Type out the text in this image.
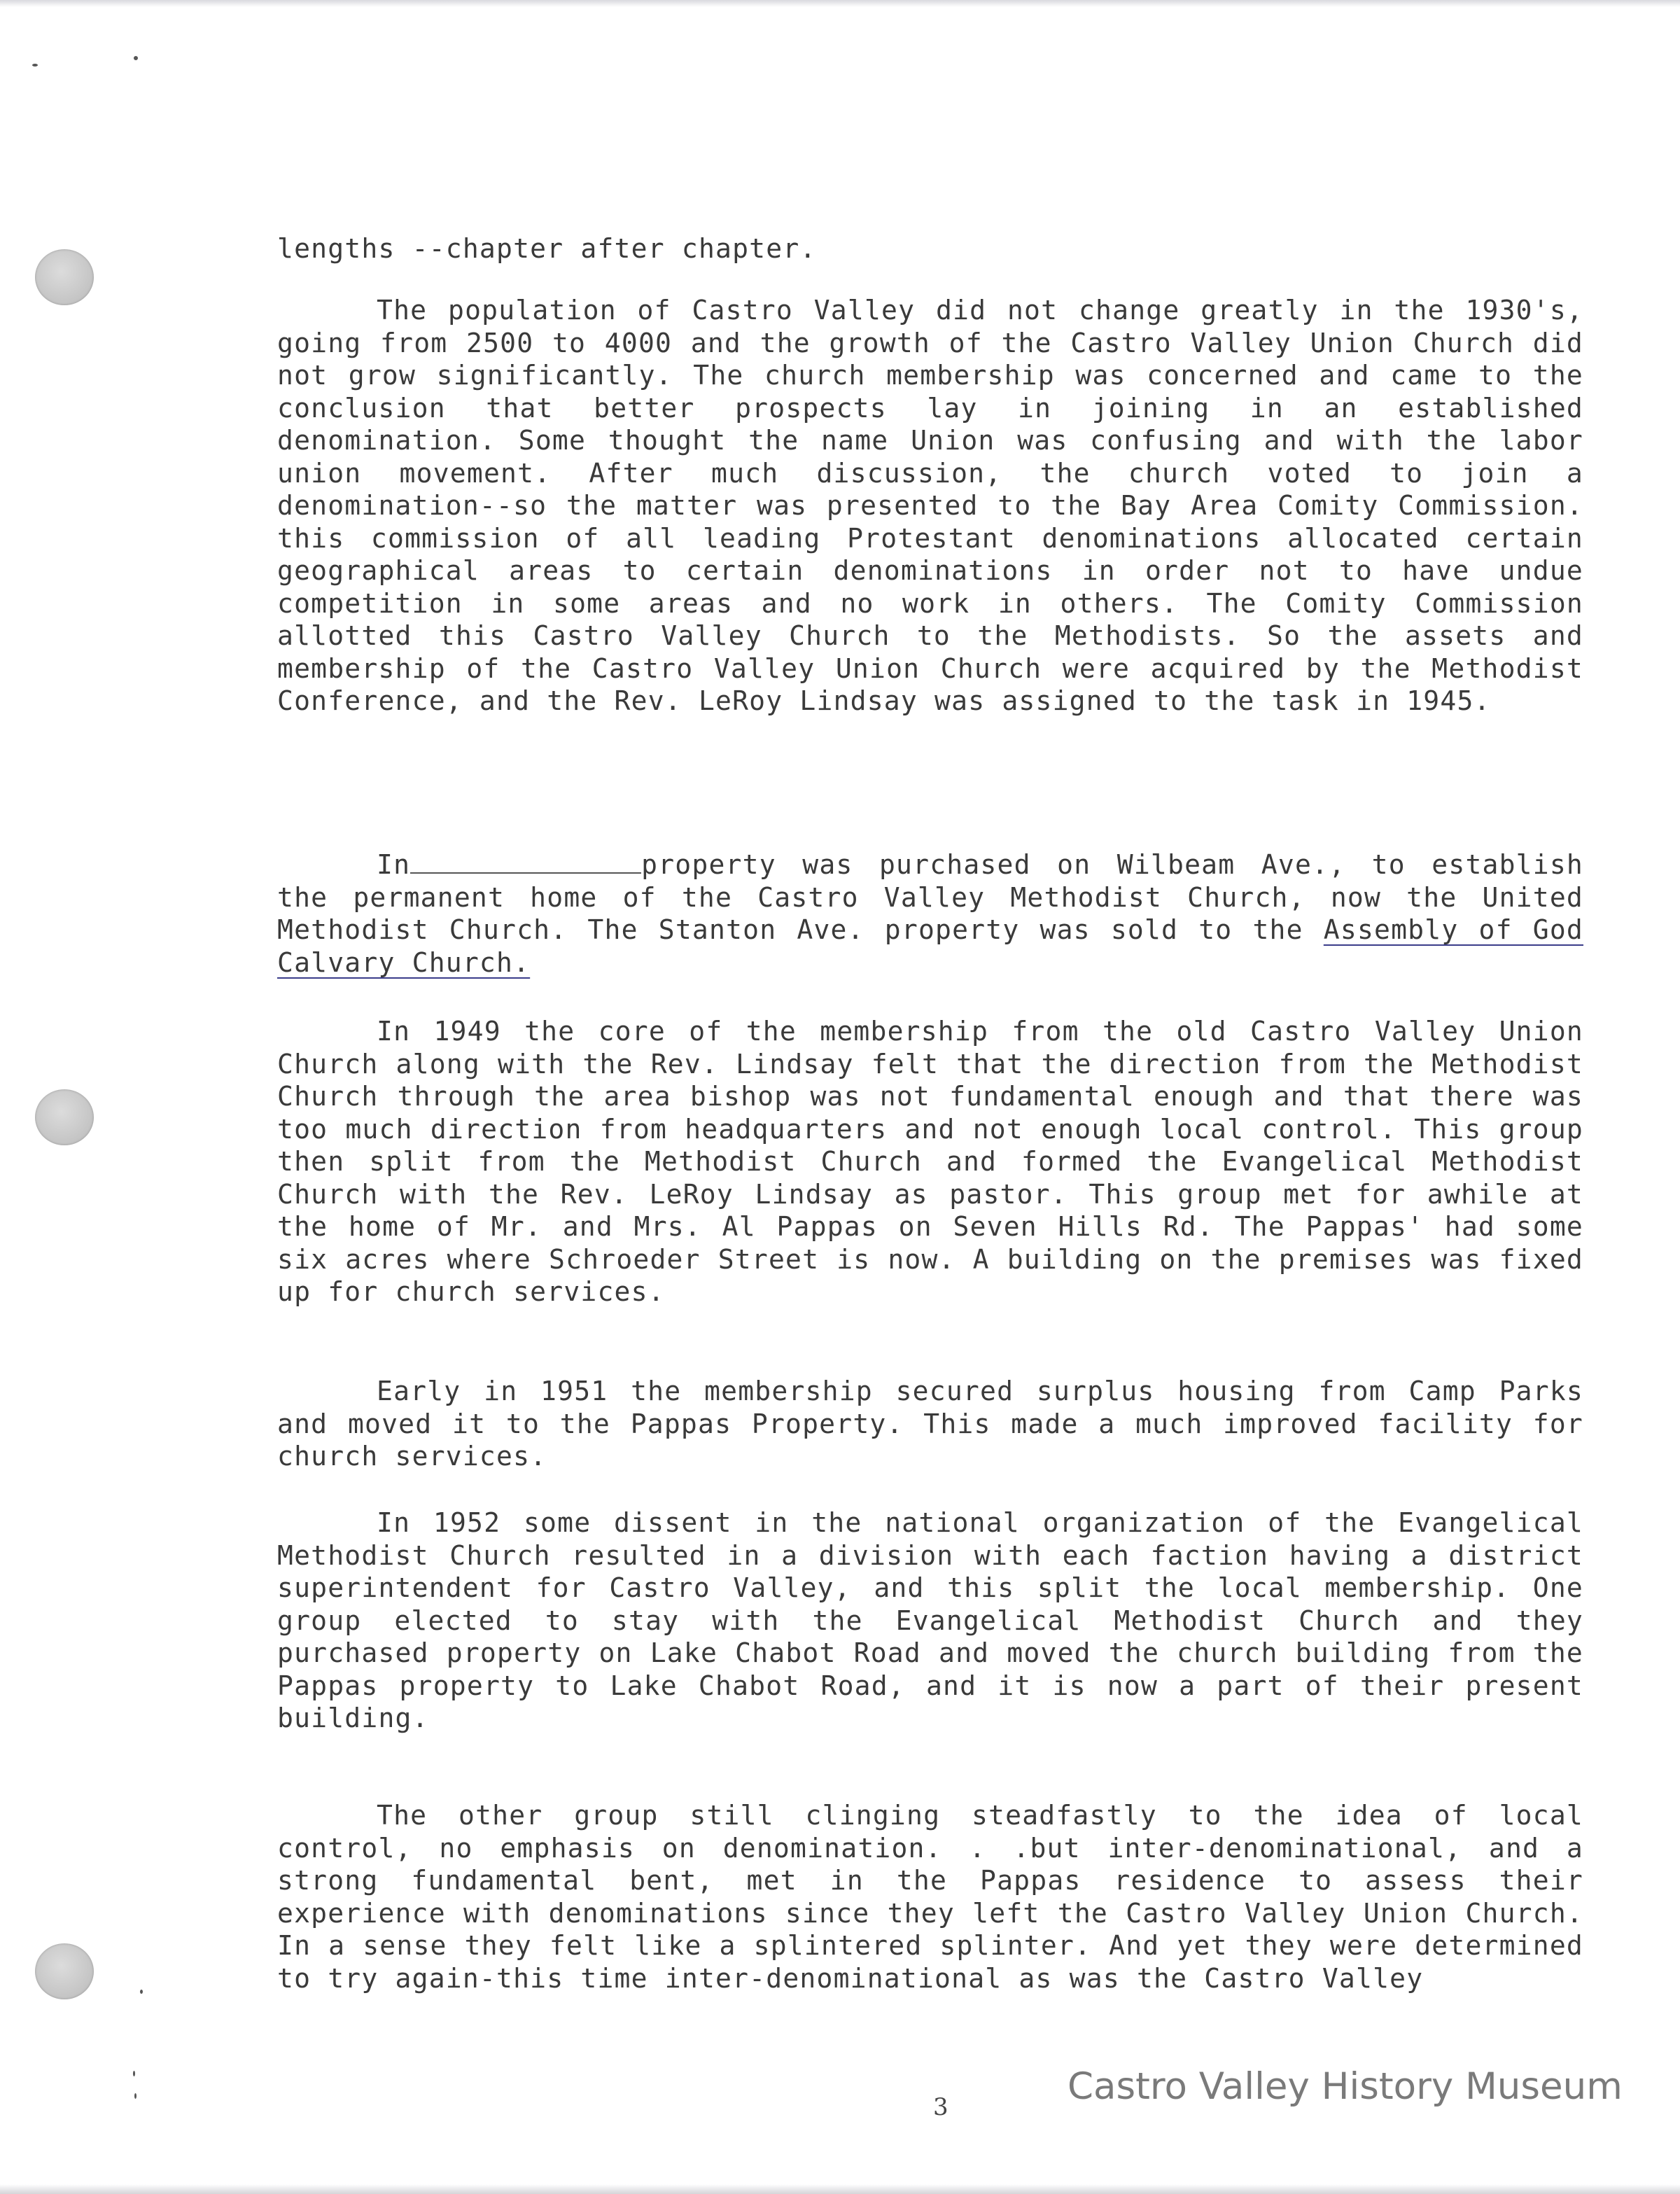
lengths --chapter after chapter.

The population of Castro Valley did not change greatly in the 1930's, going from 2500 to 4000 and the growth of the Castro Valley Union Church did not grow significantly. The church membership was concerned and came to the conclusion that better prospects lay in joining in an established denomination. Some thought the name Union was confusing and with the labor union movement. After much discussion, the church voted to join a denomination--so the matter was presented to the Bay Area Comity Commission. this commission of all leading Protestant denominations allocated certain geographical areas to certain denominations in order not to have undue competition in some areas and no work in others. The Comity Commission allotted this Castro Valley Church to the Methodists. So the assets and membership of the Castro Valley Union Church were acquired by the Methodist Conference, and the Rev. LeRoy Lindsay was assigned to the task in 1945.

In	property was purchased on Wilbeam Ave., to establish the permanent home of the Castro Valley Methodist Church, now the United Methodist Church. The Stanton Ave. property was sold to the Assembly of God Calvary Church.

In 1949 the core of the membership from the old Castro Valley Union Church along with the Rev. Lindsay felt that the direction from the Methodist Church through the area bishop was not fundamental enough and that there was too much direction from headquarters and not enough local control. This group then split from the Methodist Church and formed the Evangelical Methodist Church with the Rev. LeRoy Lindsay as pastor. This group met for awhile at the home of Mr. and Mrs. Al Pappas on Seven Hills Rd. The Pappas' had some six acres where Schroeder Street is now. A building on the premises was fixed up for church services.

Early in 1951 the membership secured surplus housing from Camp Parks and moved it to the Pappas Property. This made a much improved facility for church services.

In 1952 some dissent in the national organization of the Evangelical Methodist Church resulted in a division with each faction having a district superintendent for Castro Valley, and this split the local membership. One group elected to stay with the Evangelical Methodist Church and they purchased property on Lake Chabot Road and moved the church building from the Pappas property to Lake Chabot Road, and it is now a part of their present building.

The other group still clinging steadfastly to the idea of local control, no emphasis on denomination. . .but inter-denominational, and a strong fundamental bent, met in the Pappas residence to assess their experience with denominations since they left the Castro Valley Union Church. In a sense they felt like a splintered splinter. And yet they were determined to try again-this time inter-denominational as was the Castro Valley

3	Castro Valley History Museum
